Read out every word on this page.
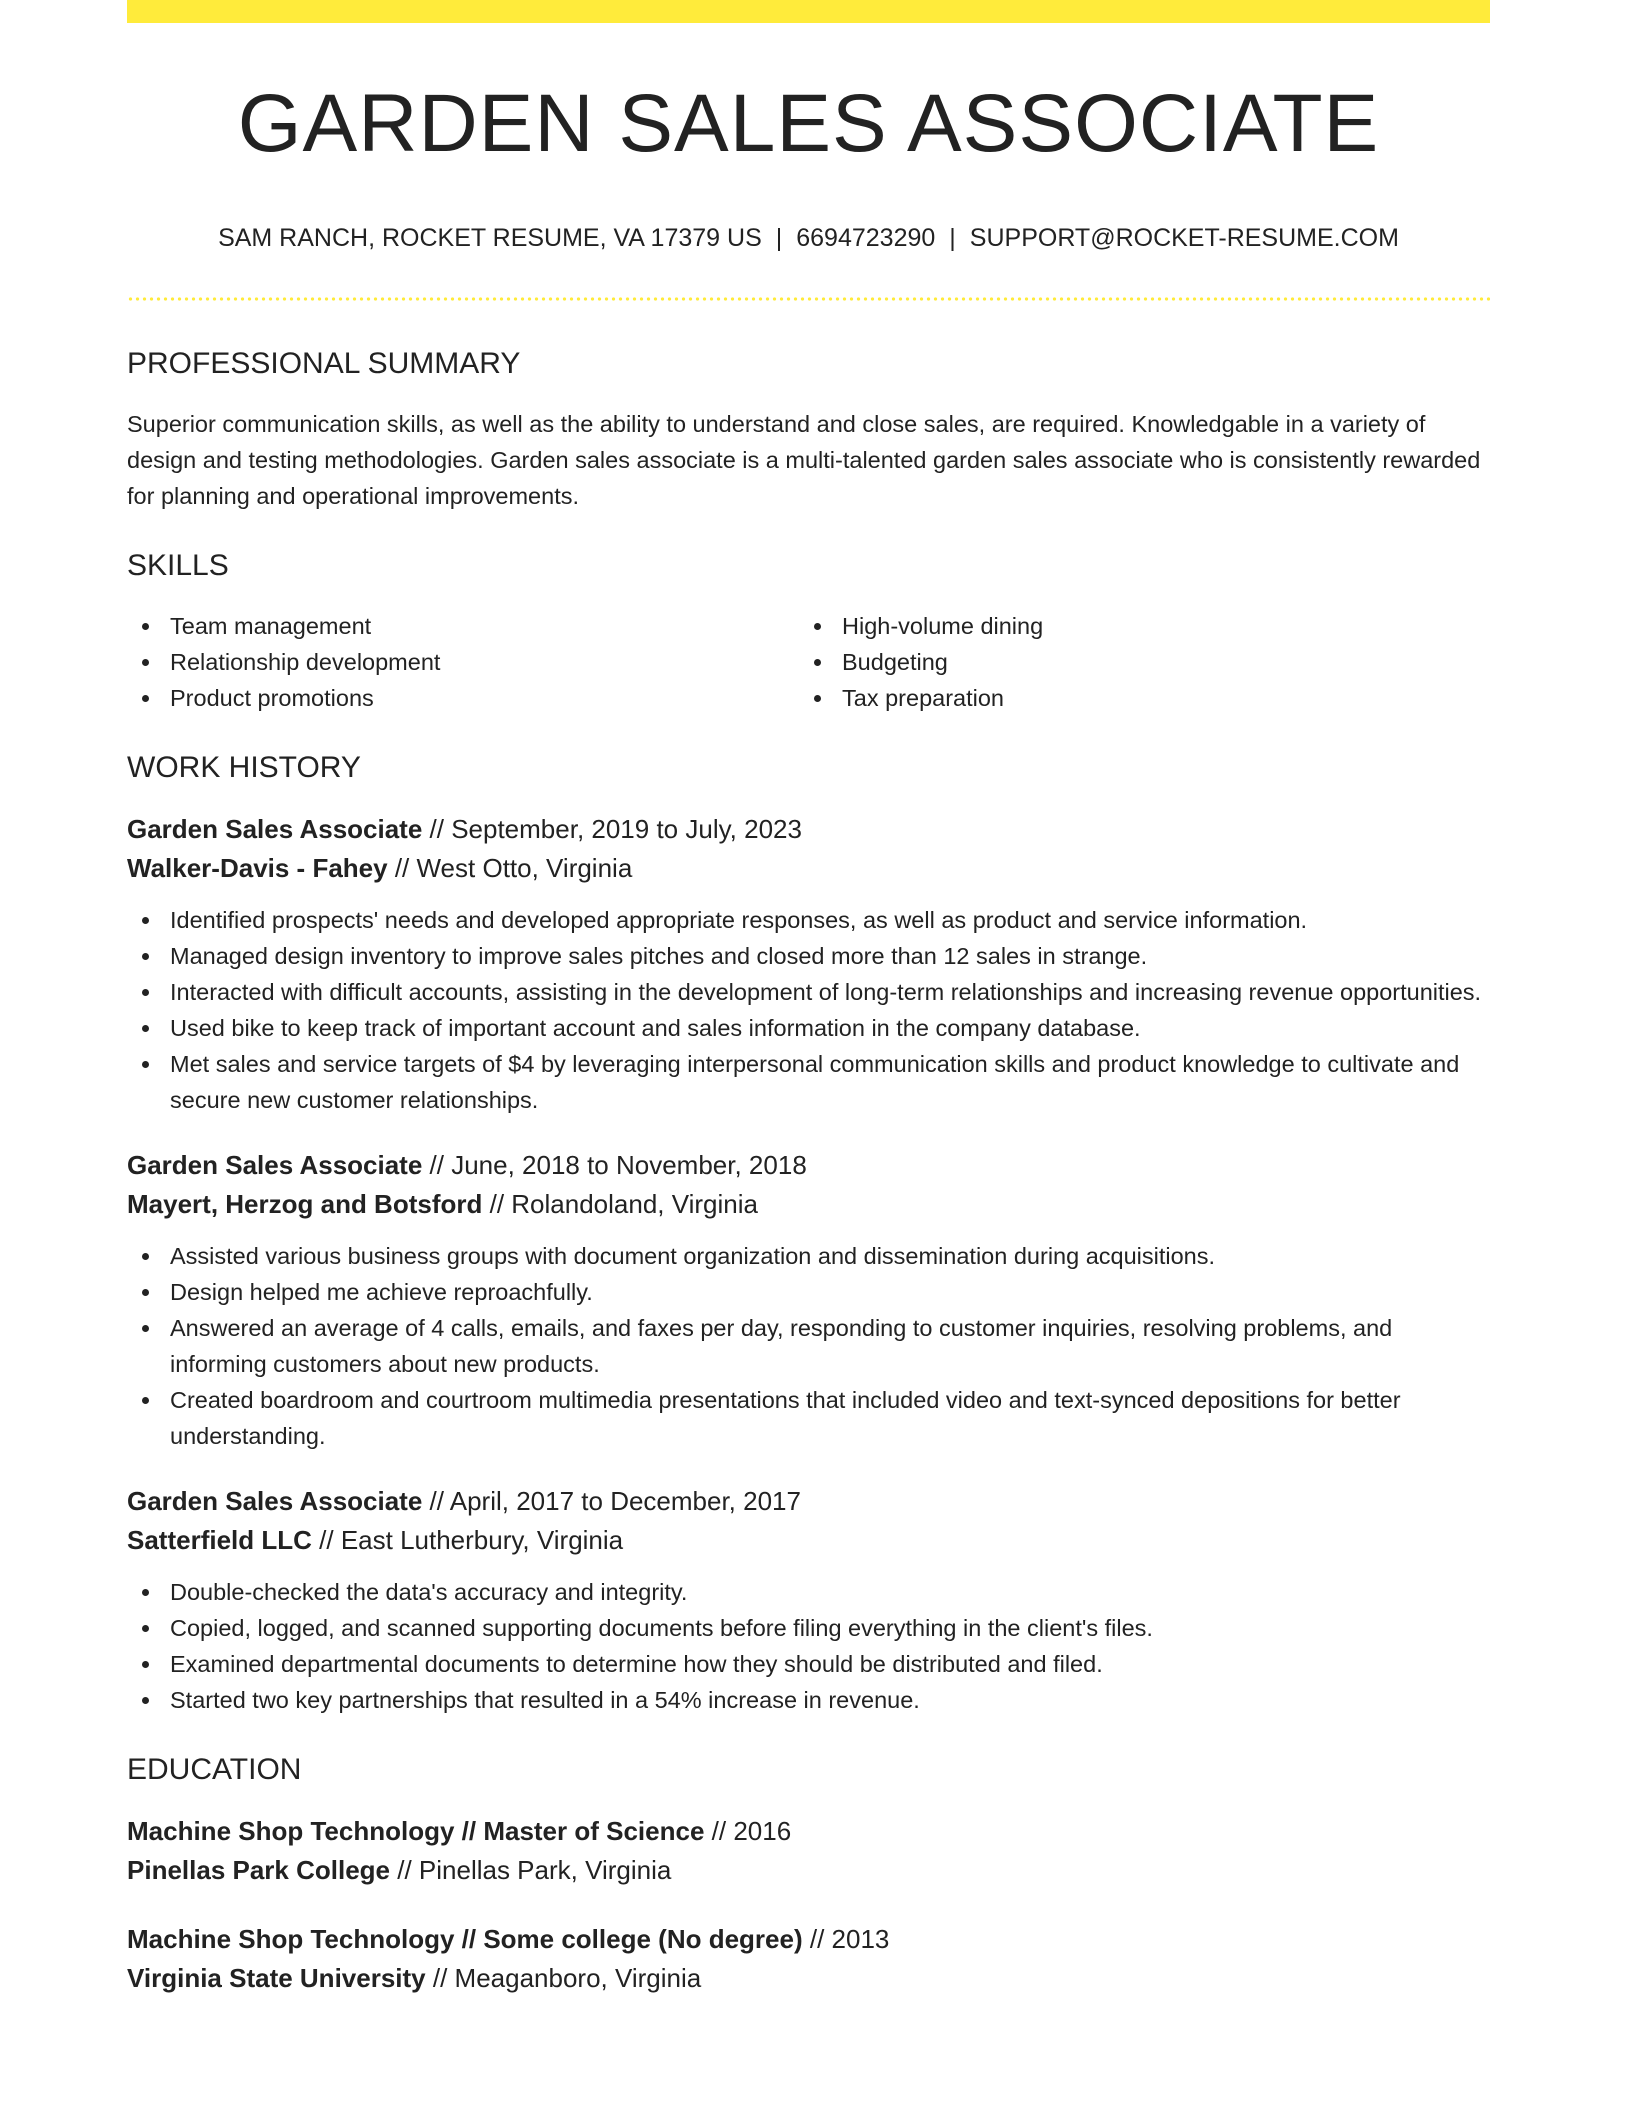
GARDEN SALES ASSOCIATE
SAM RANCH, ROCKET RESUME, VA 17379 US | 6694723290 | SUPPORT@ROCKET-RESUME.COM
PROFESSIONAL SUMMARY

Superior communication skills, as well as the ability to understand and close sales, are required. Knowledgable in a variety of design and testing methodologies. Garden sales associate is a multi-talented garden sales associate who is consistently rewarded for planning and operational improvements.

SKILLS
Team management
Relationship development
Product promotions
High-volume dining
Budgeting
Tax preparation
WORK HISTORY
Garden Sales Associate // September, 2019 to July, 2023
Walker-Davis - Fahey // West Otto, Virginia
Identified prospects' needs and developed appropriate responses, as well as product and service information.
Managed design inventory to improve sales pitches and closed more than 12 sales in strange.
Interacted with difficult accounts, assisting in the development of long-term relationships and increasing revenue opportunities.
Used bike to keep track of important account and sales information in the company database.
Met sales and service targets of $4 by leveraging interpersonal communication skills and product knowledge to cultivate and secure new customer relationships.
Garden Sales Associate // June, 2018 to November, 2018
Mayert, Herzog and Botsford // Rolandoland, Virginia
Assisted various business groups with document organization and dissemination during acquisitions.
Design helped me achieve reproachfully.
Answered an average of 4 calls, emails, and faxes per day, responding to customer inquiries, resolving problems, and informing customers about new products.
Created boardroom and courtroom multimedia presentations that included video and text-synced depositions for better understanding.
Garden Sales Associate // April, 2017 to December, 2017
Satterfield LLC // East Lutherbury, Virginia
Double-checked the data's accuracy and integrity.
Copied, logged, and scanned supporting documents before filing everything in the client's files.
Examined departmental documents to determine how they should be distributed and filed.
Started two key partnerships that resulted in a 54% increase in revenue.
EDUCATION
Machine Shop Technology // Master of Science // 2016
Pinellas Park College // Pinellas Park, Virginia
Machine Shop Technology // Some college (No degree) // 2013
Virginia State University // Meaganboro, Virginia
